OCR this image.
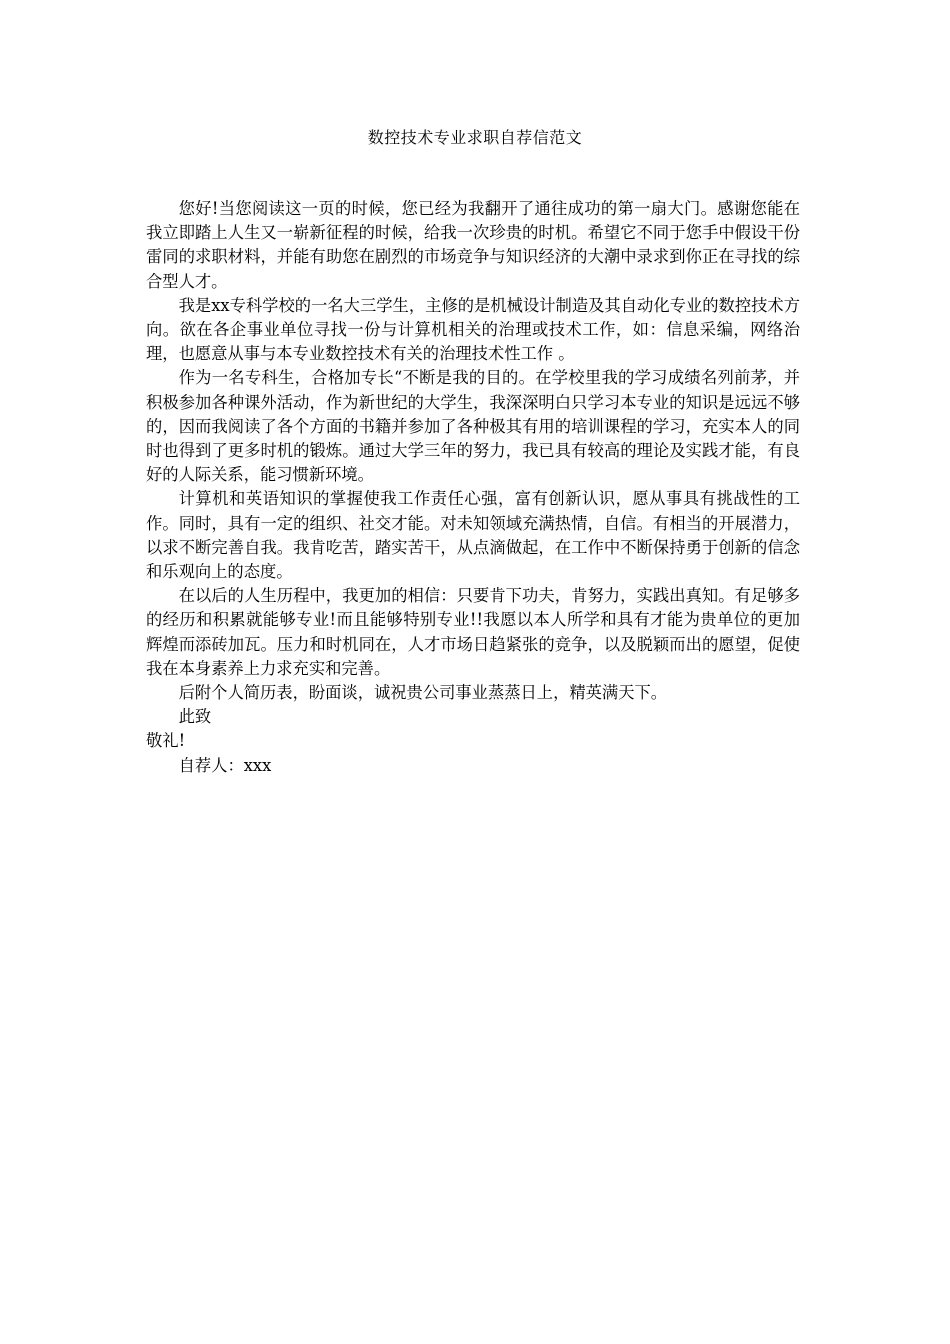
数控技术专业求职自荐信范文

您好!当您阅读这一页的时候，您已经为我翻开了通往成功的第一扇大门。感谢您能在我立即踏上人生又一崭新征程的时候，给我一次珍贵的时机。希望它不同于您手中假设干份雷同的求职材料，并能有助您在剧烈的市场竞争与知识经济的大潮中录求到你正在寻找的综合型人才。

我是xx专科学校的一名大三学生，主修的是机械设计制造及其自动化专业的数控技术方向。欲在各企事业单位寻找一份与计算机相关的治理或技术工作，如：信息采编，网络治理，也愿意从事与本专业数控技术有关的治理技术性工作 。

作为一名专科生，合格加专长“不断是我的目的。在学校里我的学习成绩名列前茅，并积极参加各种课外活动，作为新世纪的大学生，我深深明白只学习本专业的知识是远远不够的，因而我阅读了各个方面的书籍并参加了各种极其有用的培训课程的学习，充实本人的同时也得到了更多时机的锻炼。通过大学三年的努力，我已具有较高的理论及实践才能，有良好的人际关系，能习惯新环境。

计算机和英语知识的掌握使我工作责任心强，富有创新认识，愿从事具有挑战性的工作。同时，具有一定的组织、社交才能。对未知领域充满热情，自信。有相当的开展潜力，以求不断完善自我。我肯吃苦，踏实苦干，从点滴做起，在工作中不断保持勇于创新的信念和乐观向上的态度。

在以后的人生历程中，我更加的相信：只要肯下功夫，肯努力，实践出真知。有足够多的经历和积累就能够专业!而且能够特别专业!!我愿以本人所学和具有才能为贵单位的更加辉煌而添砖加瓦。压力和时机同在，人才市场日趋紧张的竞争，以及脱颖而出的愿望，促使我在本身素养上力求充实和完善。

后附个人简历表，盼面谈，诚祝贵公司事业蒸蒸日上，精英满天下。

此致

敬礼!

自荐人：xxx
